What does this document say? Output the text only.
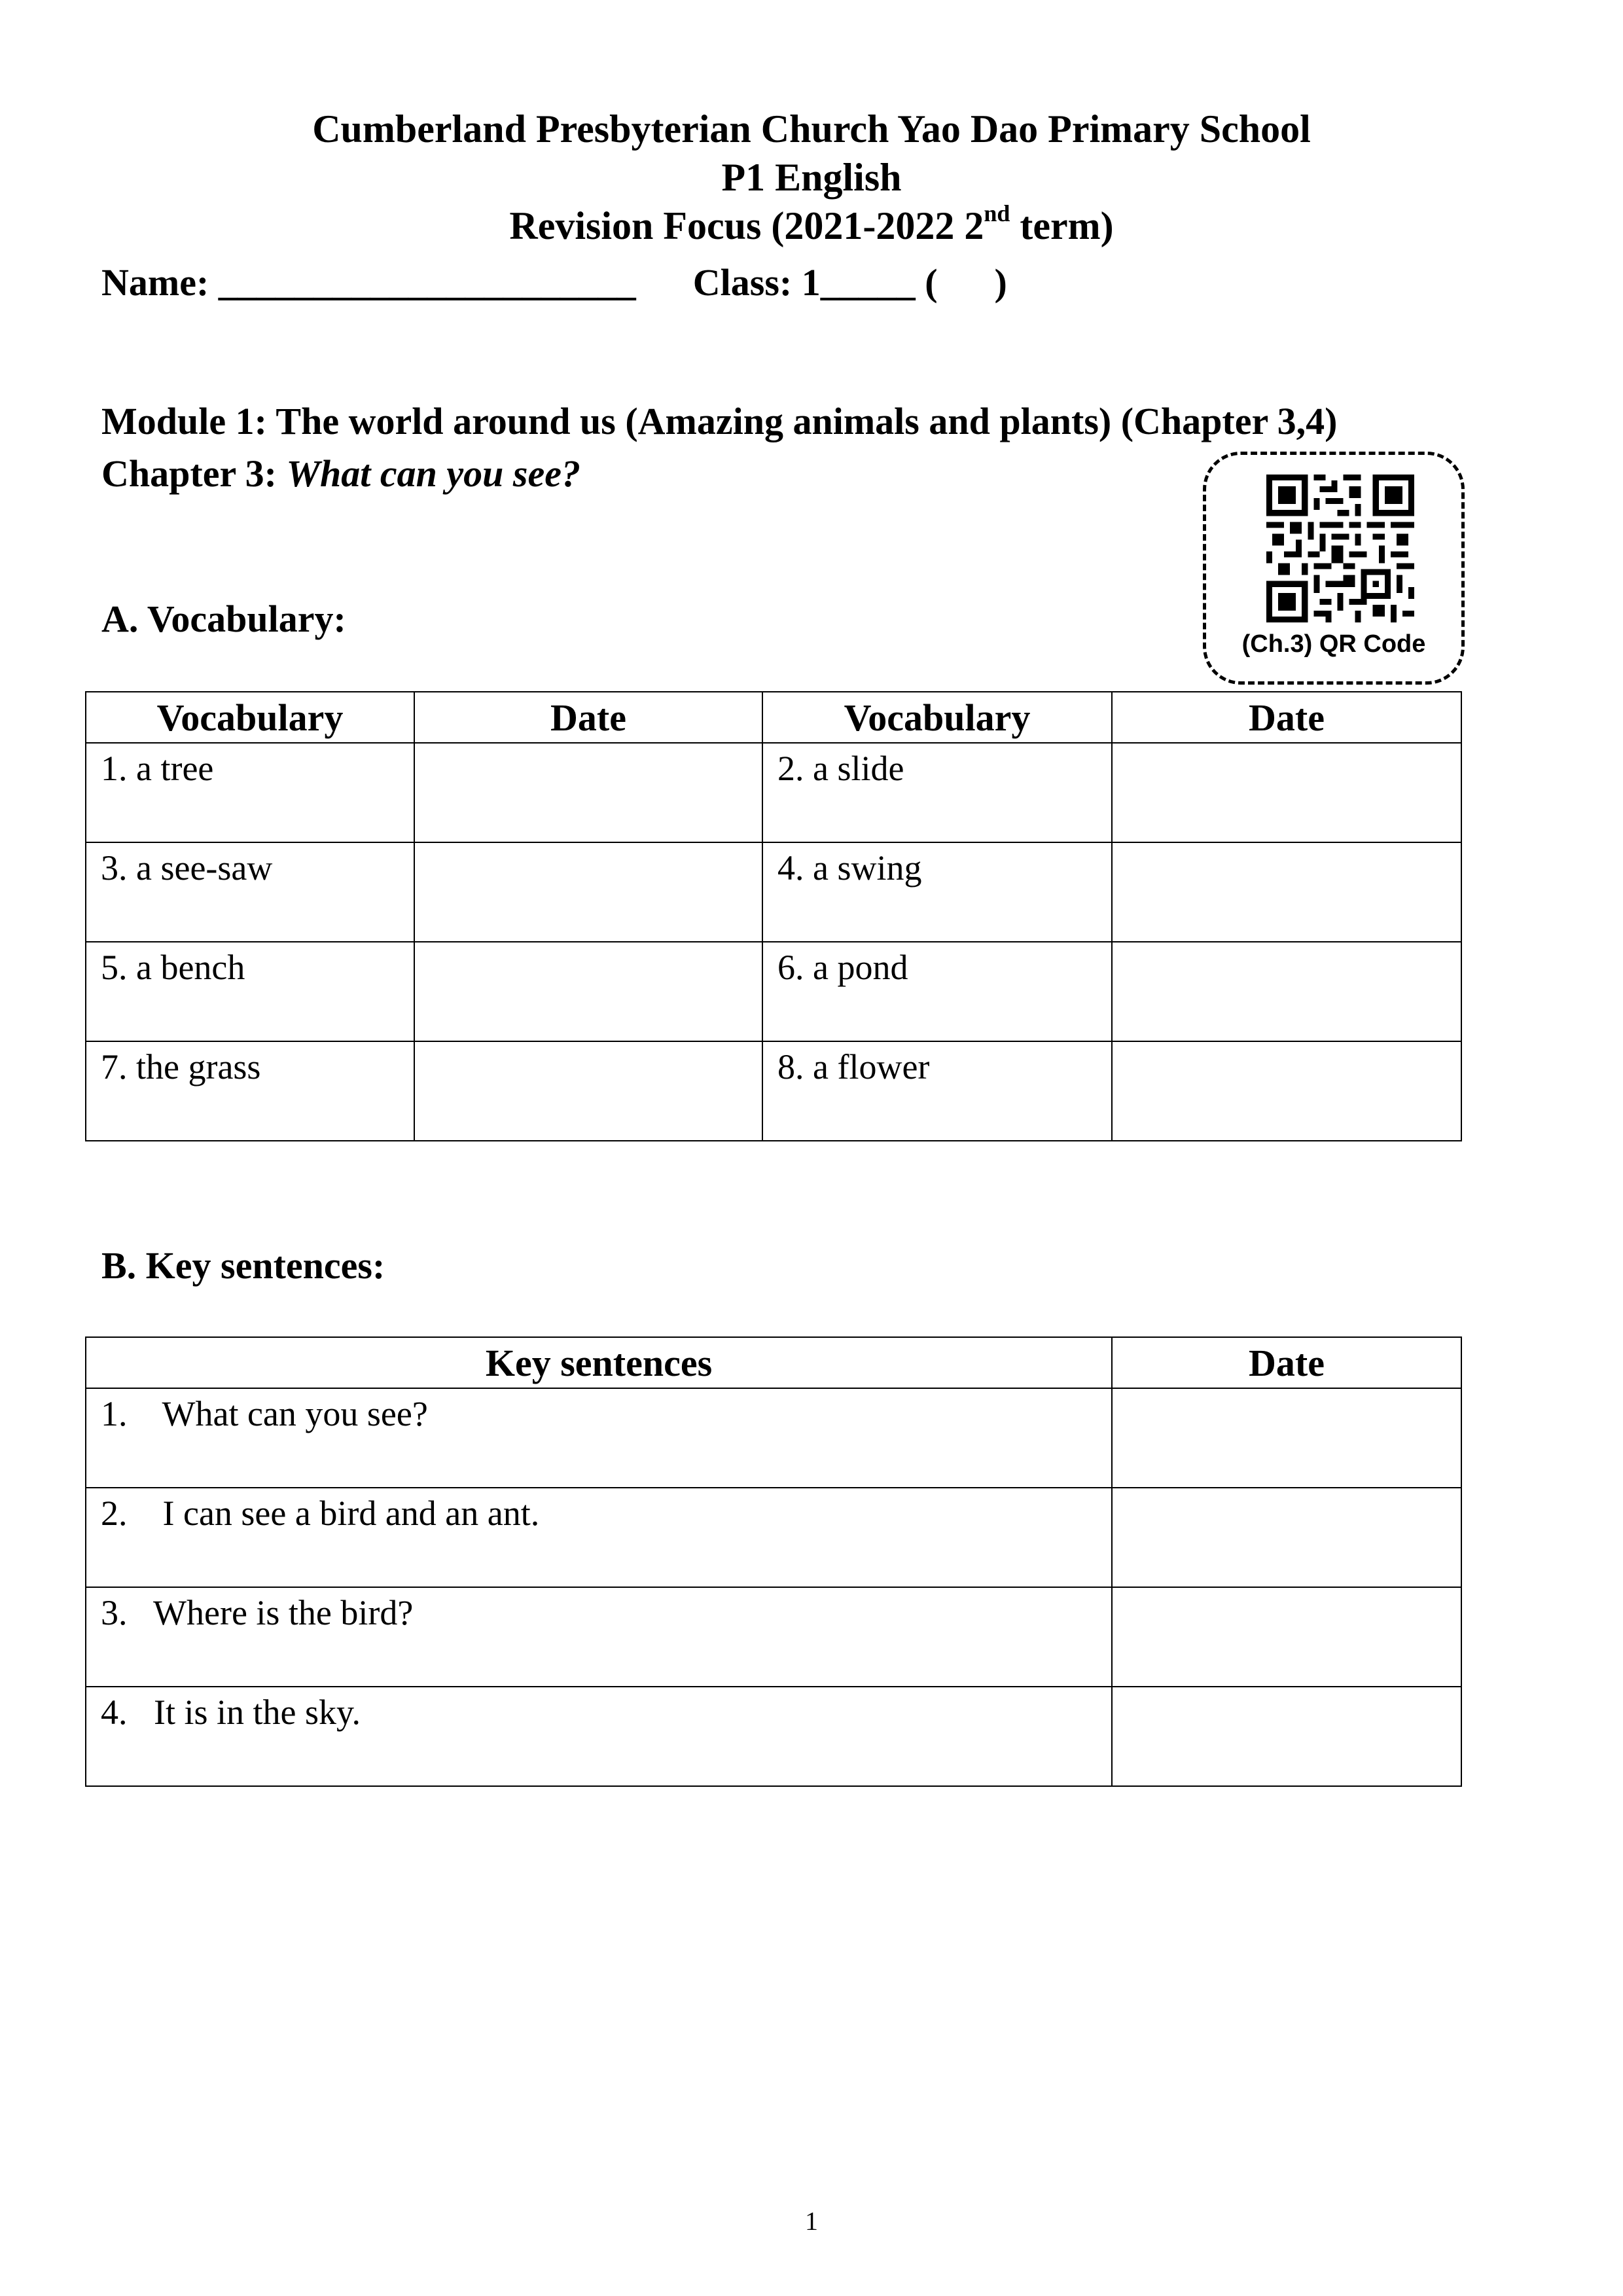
Cumberland Presbyterian Church Yao Dao Primary School
P1 English
Revision Focus (2021-2022 2nd term)
Name: ______________________ Class: 1_____ (      )
Module 1: The world around us (Amazing animals and plants) (Chapter 3,4)
Chapter 3: What can you see?
(Ch.3) QR Code
A. Vocabulary:
Vocabulary	Date	Vocabulary	Date

1. a tree		2. a slide	

3. a see-saw		4. a swing	

5. a bench		6. a pond	

7. the grass		8. a flower	

B. Key sentences:
Key sentences	Date

1.    What can you see?	

2.    I can see a bird and an ant.	

3.   Where is the bird?	

4.   It is in the sky.	

1
